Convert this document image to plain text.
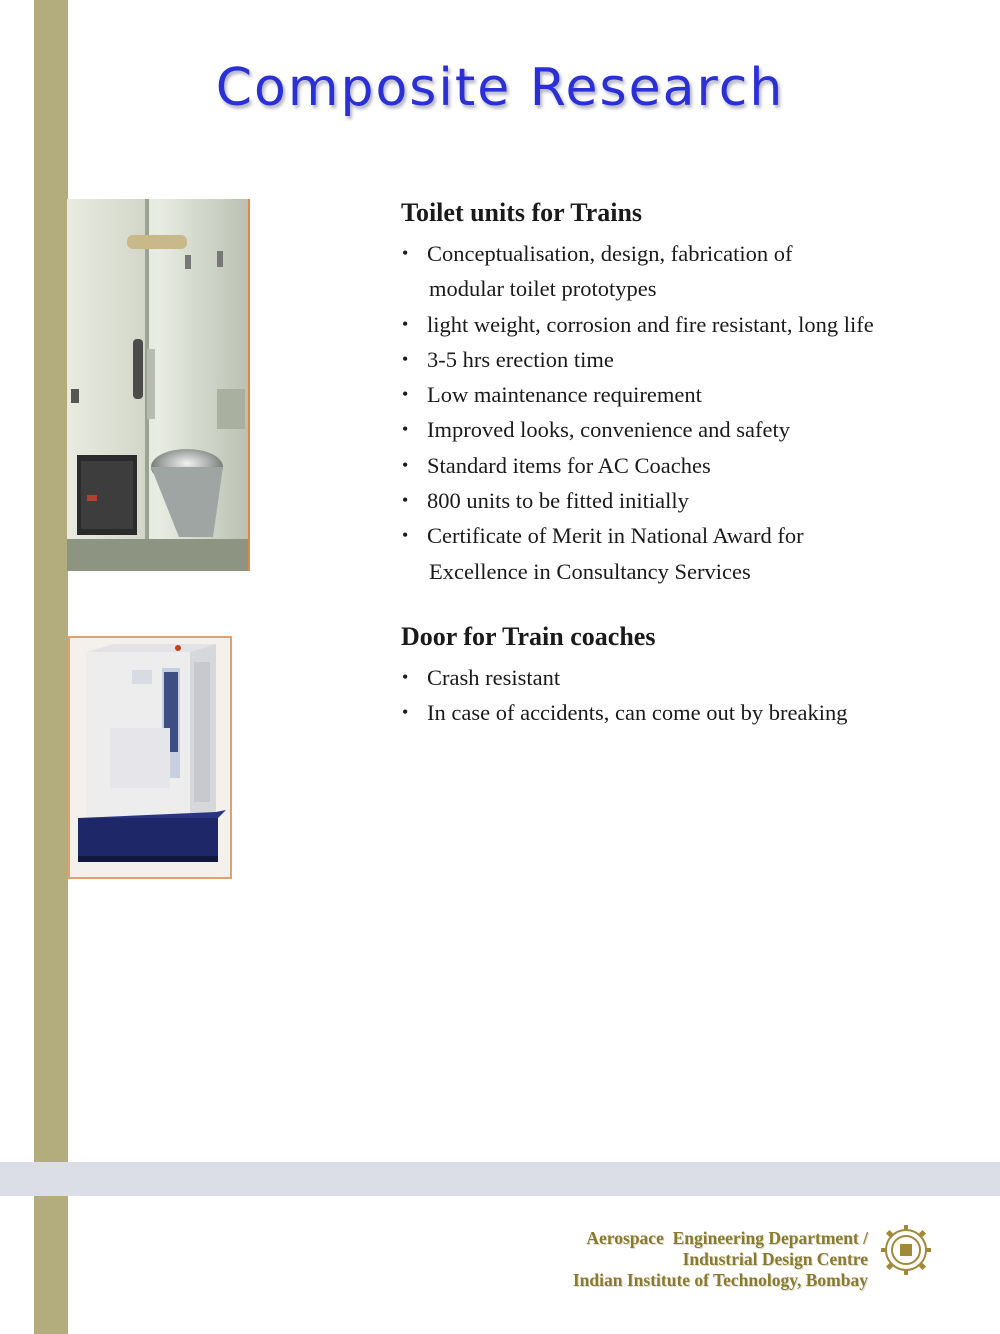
Composite Research
Toilet units for Trains
• Conceptualisation, design, fabrication of
modular toilet prototypes
• light weight, corrosion and fire resistant, long life
• 3-5 hrs erection time
• Low maintenance requirement
• Improved looks, convenience and safety
• Standard items for AC Coaches
• 800 units to be fitted initially
• Certificate of Merit in National Award for
Excellence in Consultancy Services
Door for Train coaches
• Crash resistant
• In case of accidents, can come out by breaking
Aerospace  Engineering Department /
Industrial Design Centre
Indian Institute of Technology, Bombay
